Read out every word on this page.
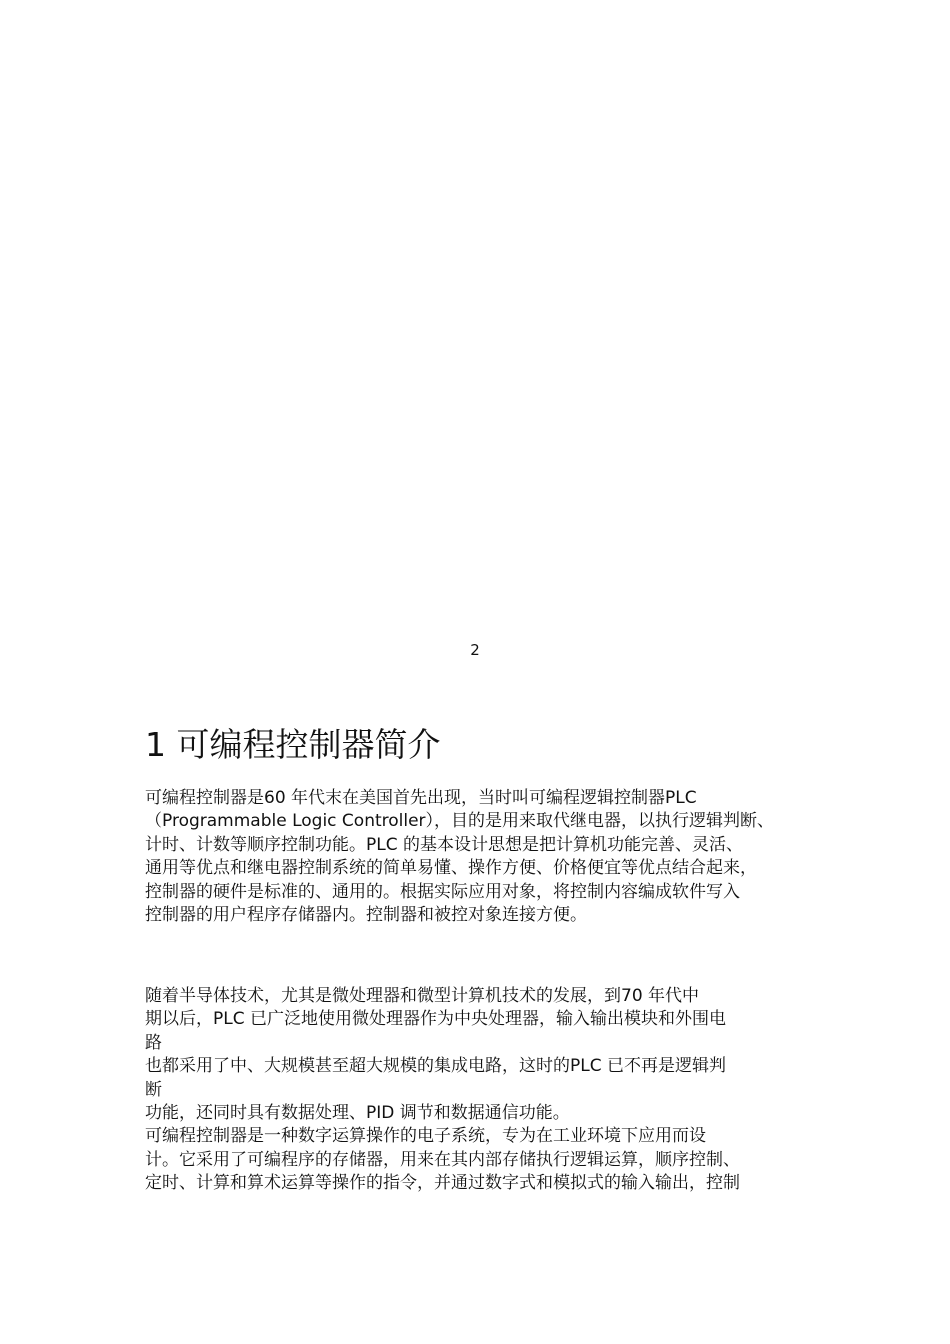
2
1 可编程控制器简介
可编程控制器是60 年代末在美国首先出现，当时叫可编程逻辑控制器PLC
（Programmable Logic Controller），目的是用来取代继电器，以执行逻辑判断、
计时、计数等顺序控制功能。PLC 的基本设计思想是把计算机功能完善、灵活、
通用等优点和继电器控制系统的简单易懂、操作方便、价格便宜等优点结合起来，
控制器的硬件是标准的、通用的。根据实际应用对象，将控制内容编成软件写入
控制器的用户程序存储器内。控制器和被控对象连接方便。
随着半导体技术，尤其是微处理器和微型计算机技术的发展，到70 年代中
期以后，PLC 已广泛地使用微处理器作为中央处理器，输入输出模块和外围电
路
也都采用了中、大规模甚至超大规模的集成电路，这时的PLC 已不再是逻辑判
断
功能，还同时具有数据处理、PID 调节和数据通信功能。
可编程控制器是一种数字运算操作的电子系统，专为在工业环境下应用而设
计。它采用了可编程序的存储器，用来在其内部存储执行逻辑运算，顺序控制、
定时、计算和算术运算等操作的指令，并通过数字式和模拟式的输入输出，控制
